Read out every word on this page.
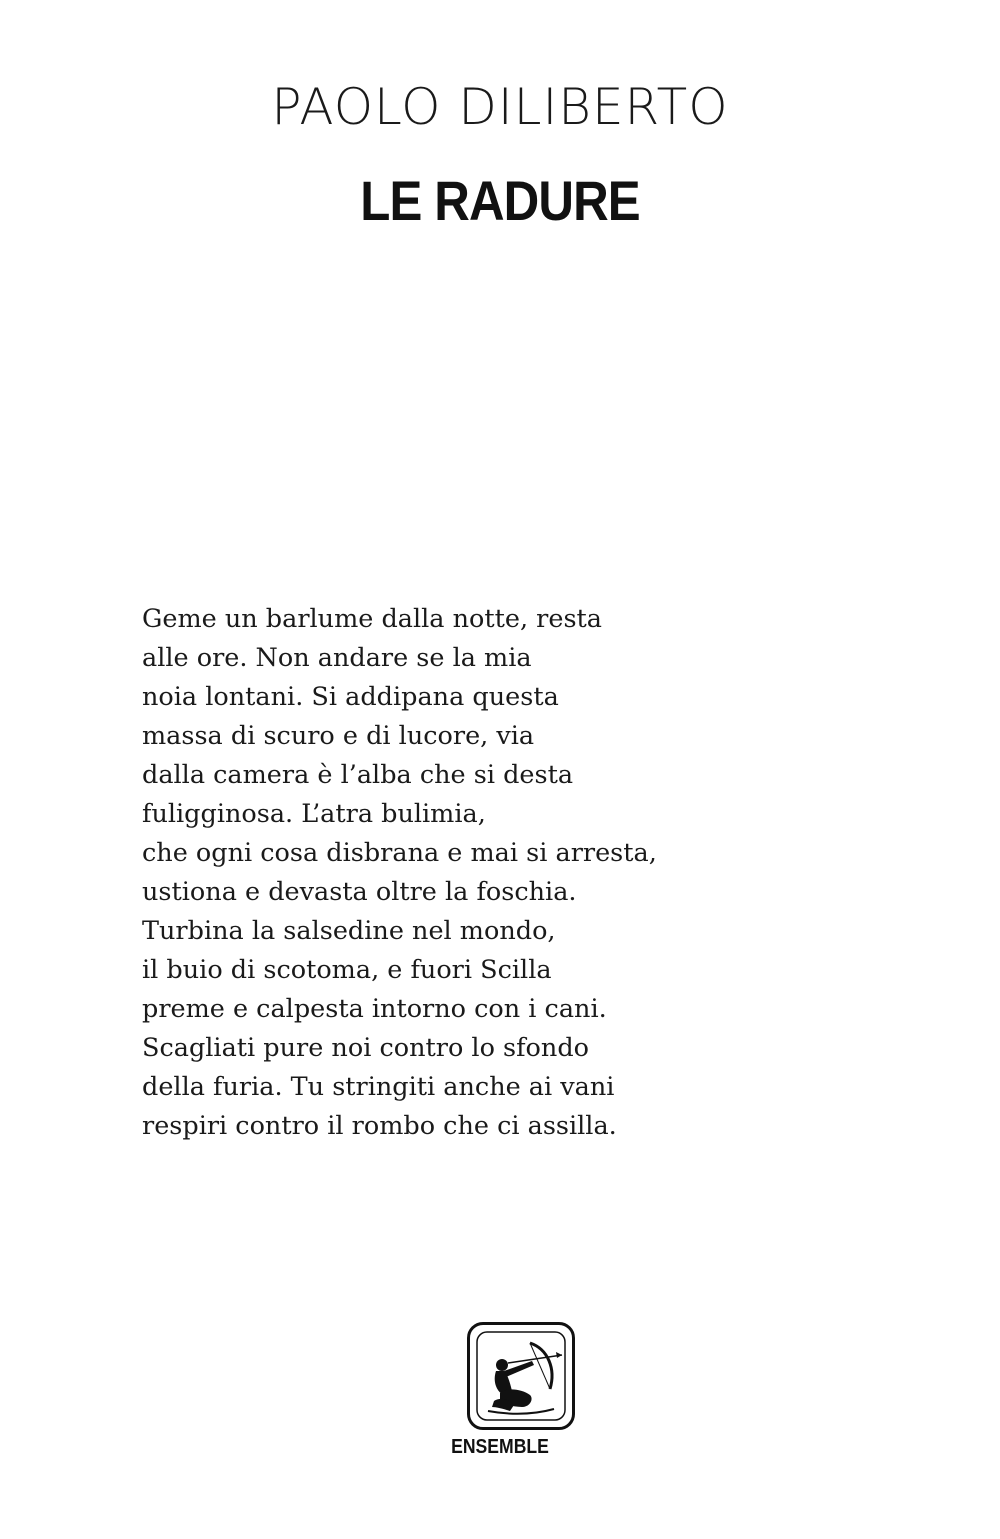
PAOLO DILIBERTO
LE RADURE
Geme un barlume dalla notte, resta
alle ore. Non andare se la mia
noia lontani. Si addipana questa
massa di scuro e di lucore, via
dalla camera è l’alba che si desta
fuligginosa. L’atra bulimia,
che ogni cosa disbrana e mai si arresta,
ustiona e devasta oltre la foschia.
Turbina la salsedine nel mondo,
il buio di scotoma, e fuori Scilla
preme e calpesta intorno con i cani.
Scagliati pure noi contro lo sfondo
della furia. Tu stringiti anche ai vani
respiri contro il rombo che ci assilla.
ENSEMBLE
